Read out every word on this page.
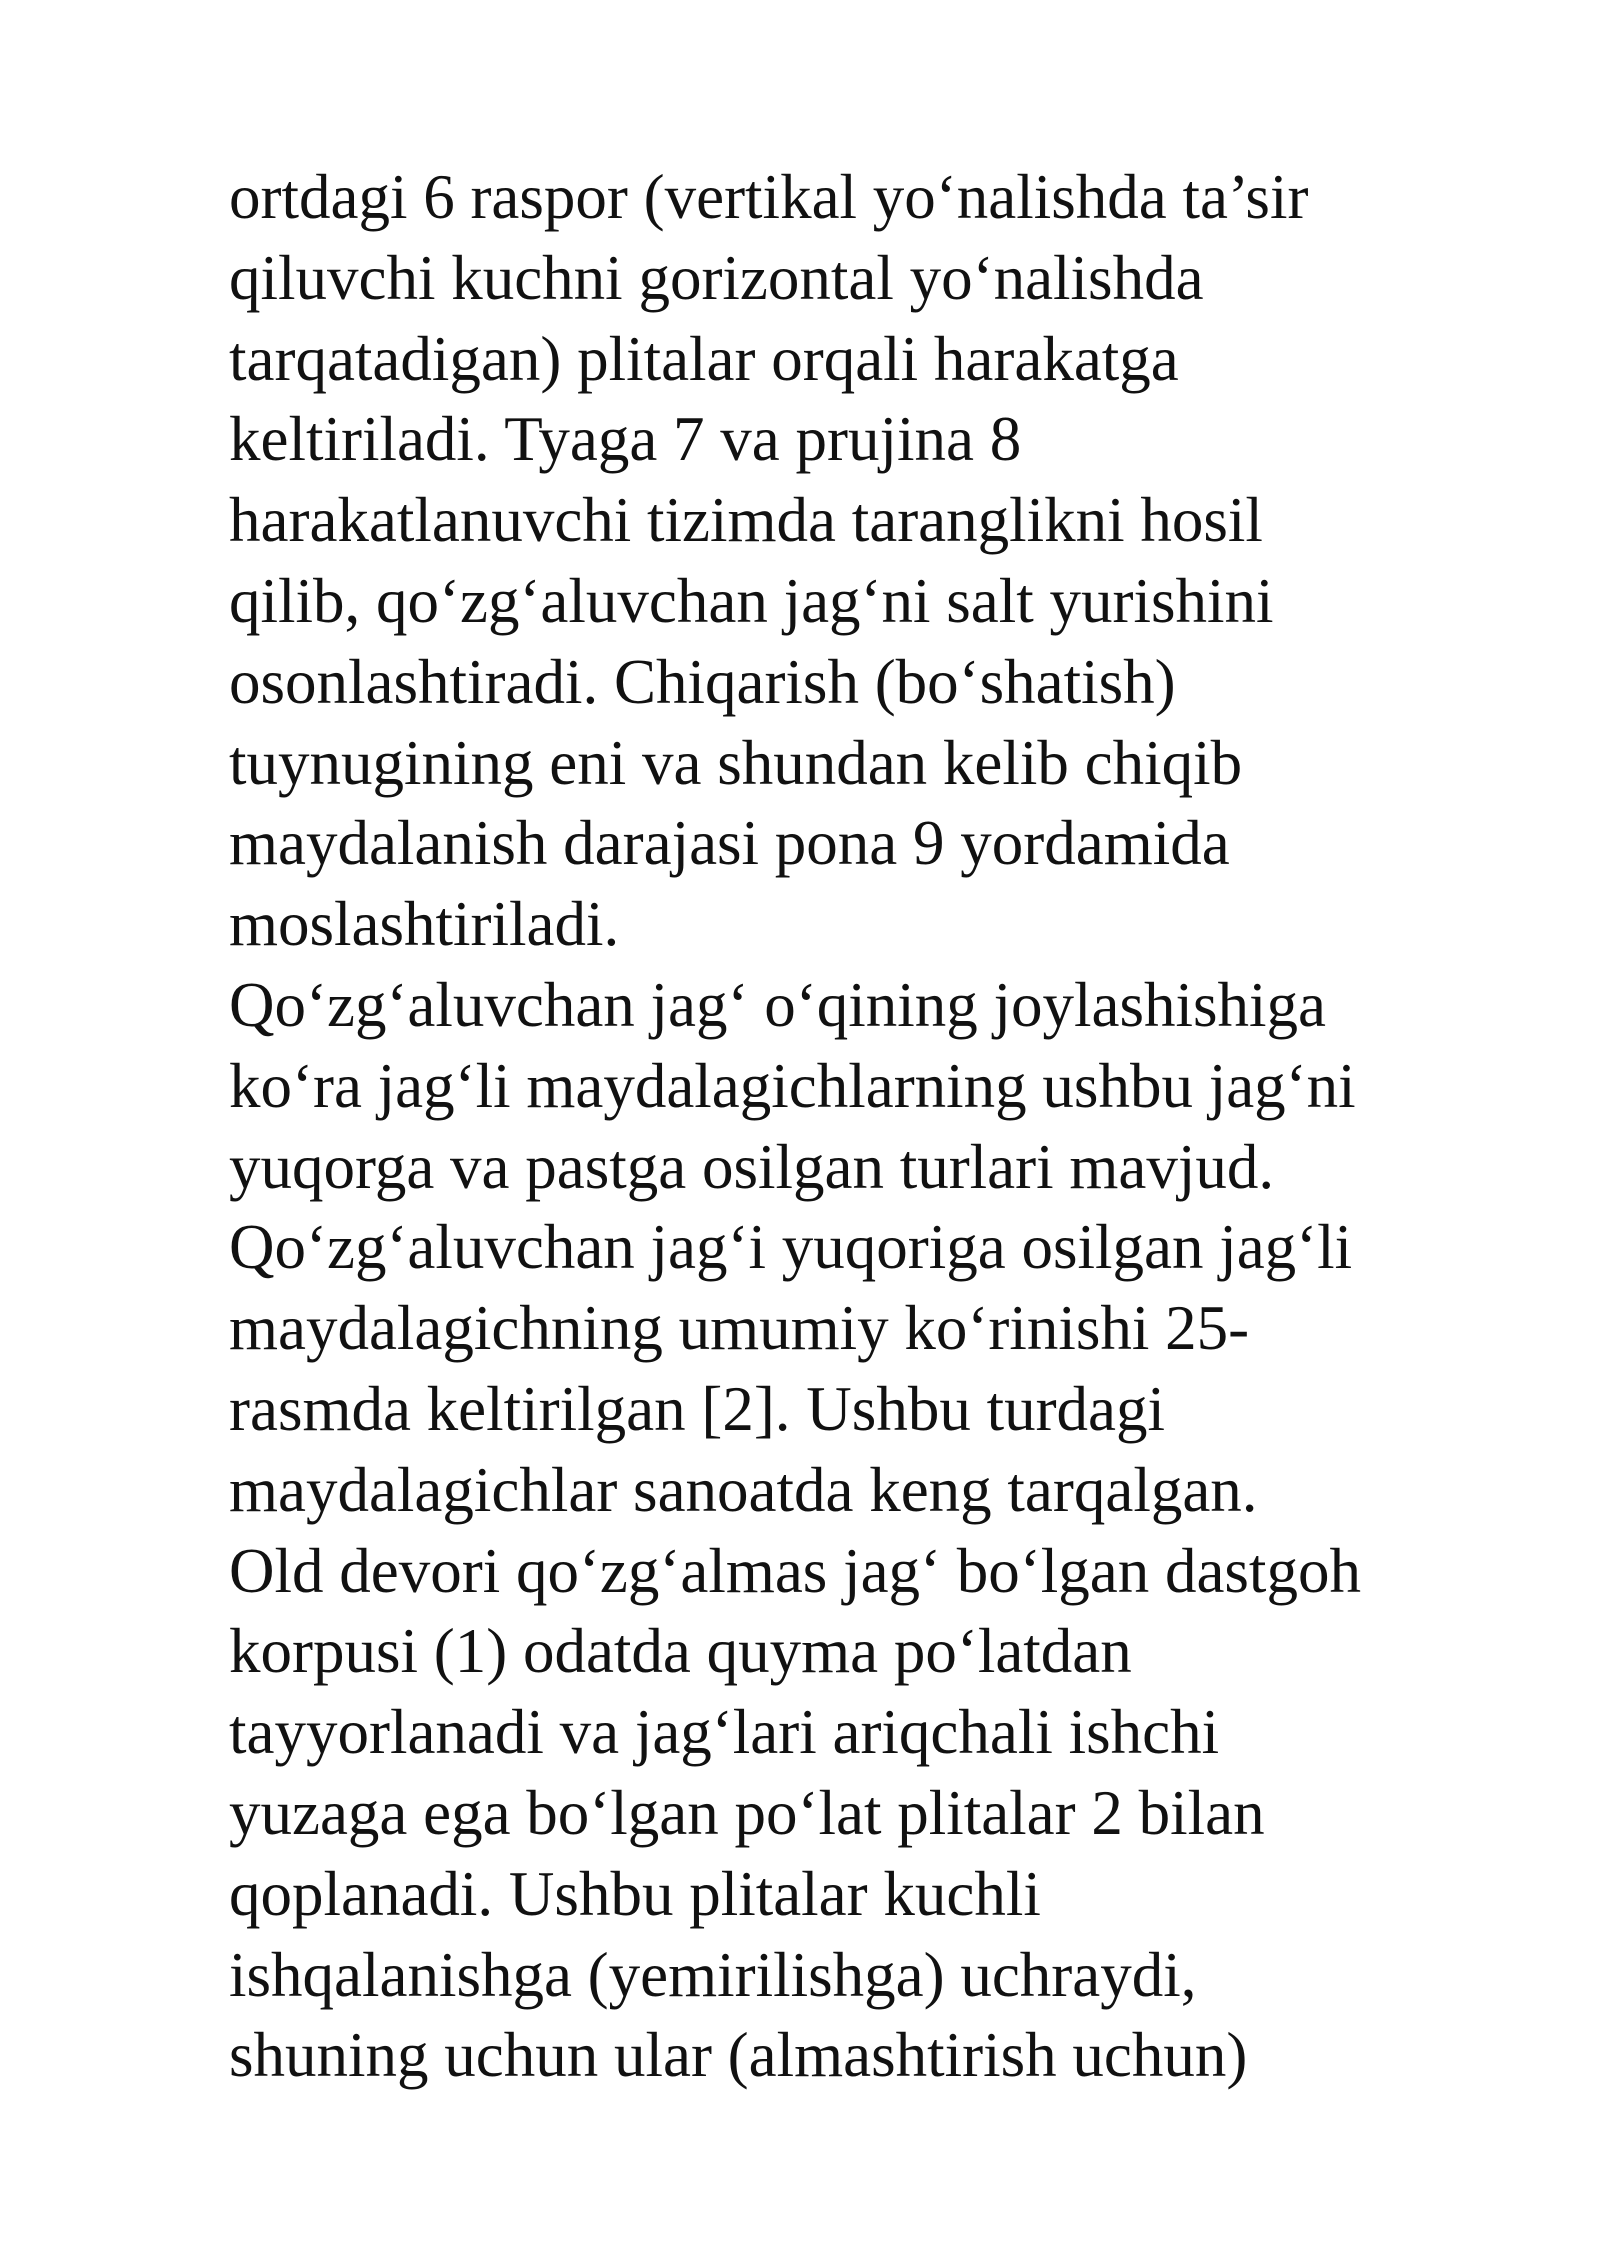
ortdagi 6 raspor (vertikal yo‘nalishda ta’sir
qiluvchi kuchni gorizontal yo‘nalishda
tarqatadigan) plitalar orqali harakatga
keltiriladi. Tyaga 7 va prujina 8
harakatlanuvchi tizimda taranglikni hosil
qilib, qo‘zg‘aluvchan jag‘ni salt yurishini
osonlashtiradi. Chiqarish (bo‘shatish)
tuynugining eni va shundan kelib chiqib
maydalanish darajasi pona 9 yordamida
moslashtiriladi.
Qo‘zg‘aluvchan jag‘ o‘qining joylashishiga
ko‘ra jag‘li maydalagichlarning ushbu jag‘ni
yuqorga va pastga osilgan turlari mavjud.
Qo‘zg‘aluvchan jag‘i yuqoriga osilgan jag‘li
maydalagichning umumiy ko‘rinishi 25-
rasmda keltirilgan [2]. Ushbu turdagi
maydalagichlar sanoatda keng tarqalgan.
Old devori qo‘zg‘almas jag‘ bo‘lgan dastgoh
korpusi (1) odatda quyma po‘latdan
tayyorlanadi va jag‘lari ariqchali ishchi
yuzaga ega bo‘lgan po‘lat plitalar 2 bilan
qoplanadi. Ushbu plitalar kuchli
ishqalanishga (yemirilishga) uchraydi,
shuning uchun ular (almashtirish uchun)
